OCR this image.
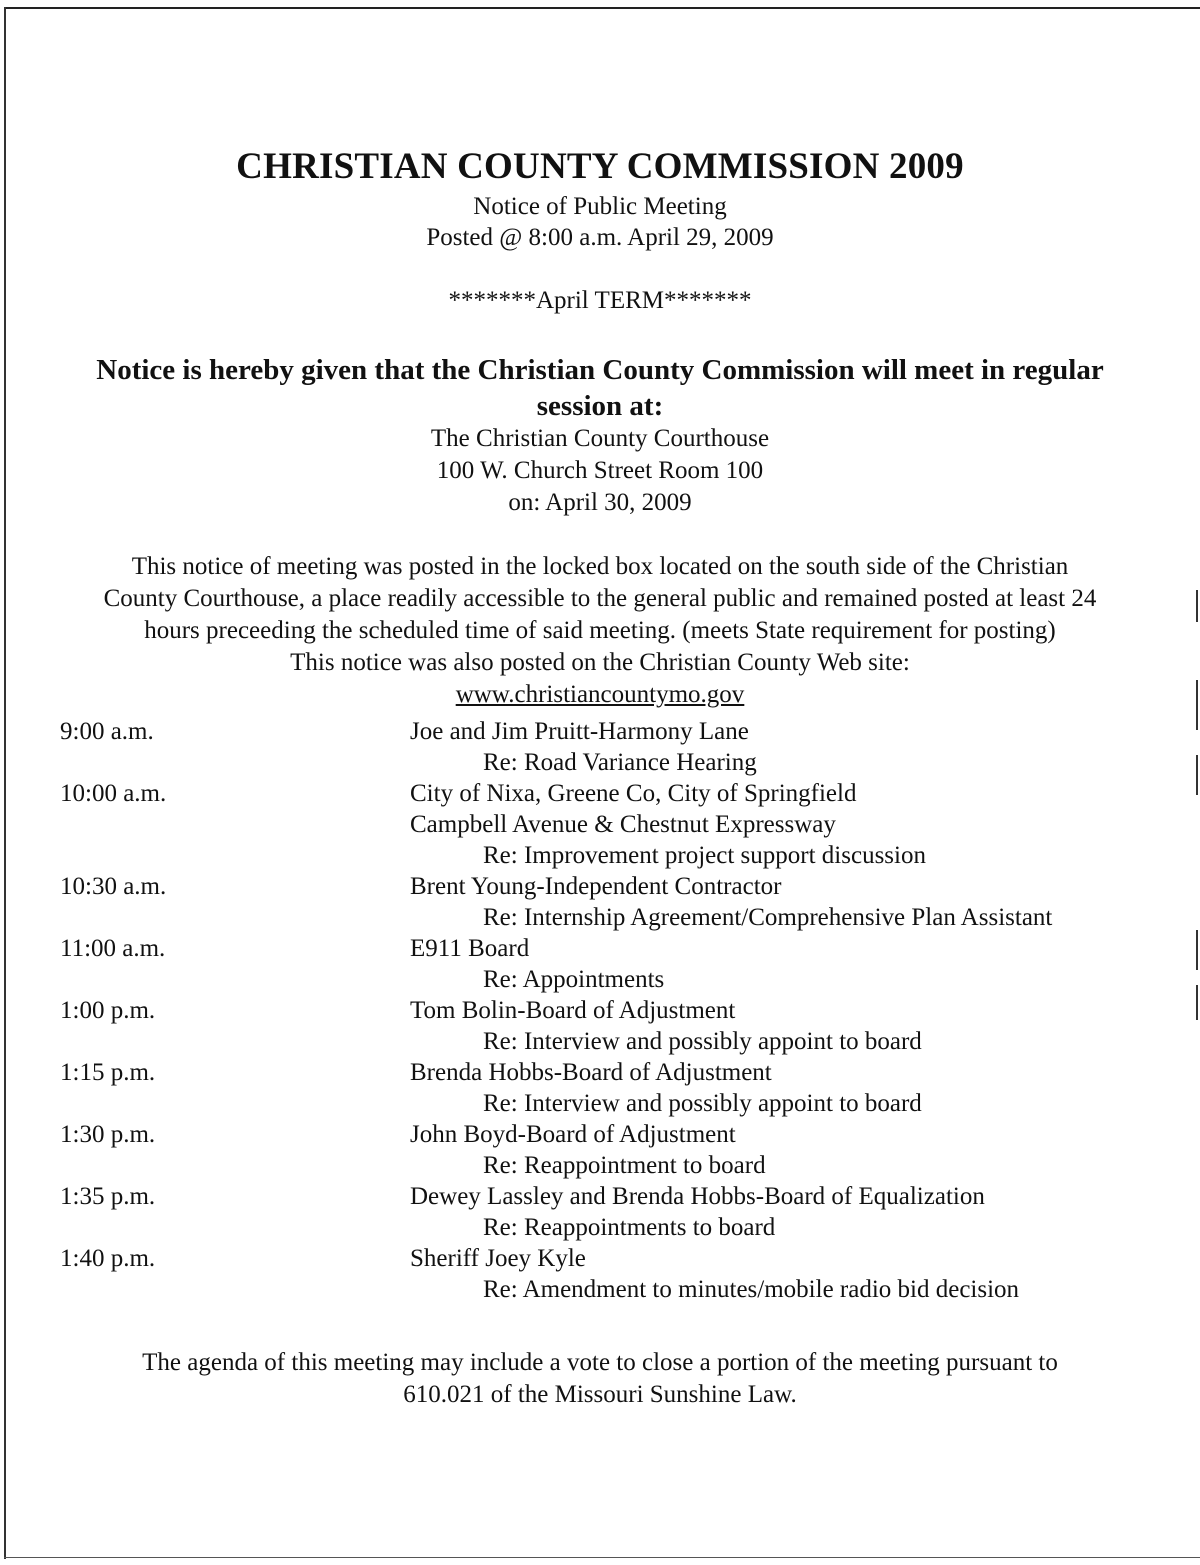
CHRISTIAN COUNTY COMMISSION 2009
Notice of Public Meeting
Posted @ 8:00 a.m. April 29, 2009
*******April TERM*******
Notice is hereby given that the Christian County Commission will meet in regular
session at:
The Christian County Courthouse
100 W. Church Street Room 100
on: April 30, 2009
This notice of meeting was posted in the locked box located on the south side of the Christian
County Courthouse, a place readily accessible to the general public and remained posted at least 24
hours preceeding the scheduled time of said meeting. (meets State requirement for posting)
This notice was also posted on the Christian County Web site:
www.christiancountymo.gov
9:00 a.m.	Joe and Jim Pruitt-Harmony Lane
Re: Road Variance Hearing
10:00 a.m.	City of Nixa, Greene Co, City of Springfield
Campbell Avenue & Chestnut Expressway
Re: Improvement project support discussion
10:30 a.m.	Brent Young-Independent Contractor
Re: Internship Agreement/Comprehensive Plan Assistant
11:00 a.m.	E911 Board
Re: Appointments
1:00 p.m.	Tom Bolin-Board of Adjustment
Re: Interview and possibly appoint to board
1:15 p.m.	Brenda Hobbs-Board of Adjustment
Re: Interview and possibly appoint to board
1:30 p.m.	John Boyd-Board of Adjustment
Re: Reappointment to board
1:35 p.m.	Dewey Lassley and Brenda Hobbs-Board of Equalization
Re: Reappointments to board
1:40 p.m.	Sheriff Joey Kyle
Re: Amendment to minutes/mobile radio bid decision
The agenda of this meeting may include a vote to close a portion of the meeting pursuant to
610.021 of the Missouri Sunshine Law.
